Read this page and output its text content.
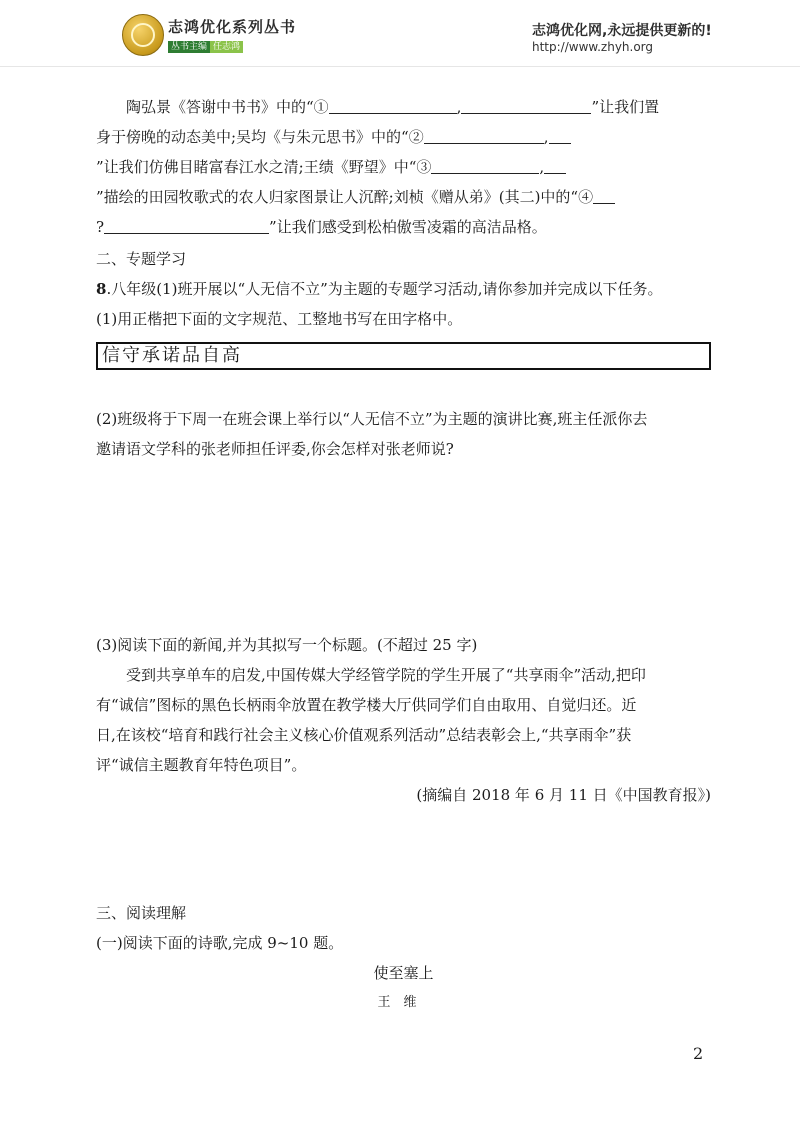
志鸿优化系列丛书
丛书主编 任志鸿
志鸿优化网,永远提供更新的!
http://www.zhyh.org

陶弘景《答谢中书书》中的“①	,	”让我们置

身于傍晚的动态美中;吴均《与朱元思书》中的“②	,

”让我们仿佛目睹富春江水之清;王绩《野望》中“③	,

”描绘的田园牧歌式的农人归家图景让人沉醉;刘桢《赠从弟》(其二)中的“④

?	”让我们感受到松柏傲雪凌霜的高洁品格。

二、专题学习

8.八年级(1)班开展以“人无信不立”为主题的专题学习活动,请你参加并完成以下任务。

(1)用正楷把下面的文字规范、工整地书写在田字格中。

信守承诺品自高

(2)班级将于下周一在班会课上举行以“人无信不立”为主题的演讲比赛,班主任派你去

邀请语文学科的张老师担任评委,你会怎样对张老师说?

(3)阅读下面的新闻,并为其拟写一个标题。(不超过 25 字)

受到共享单车的启发,中国传媒大学经管学院的学生开展了“共享雨伞”活动,把印

有“诚信”图标的黑色长柄雨伞放置在教学楼大厅供同学们自由取用、自觉归还。近

日,在该校“培育和践行社会主义核心价值观系列活动”总结表彰会上,“共享雨伞”获

评“诚信主题教育年特色项目”。

(摘编自 2018 年 6 月 11 日《中国教育报》)

三、阅读理解

(一)阅读下面的诗歌,完成 9~10 题。

使至塞上

王维

2
